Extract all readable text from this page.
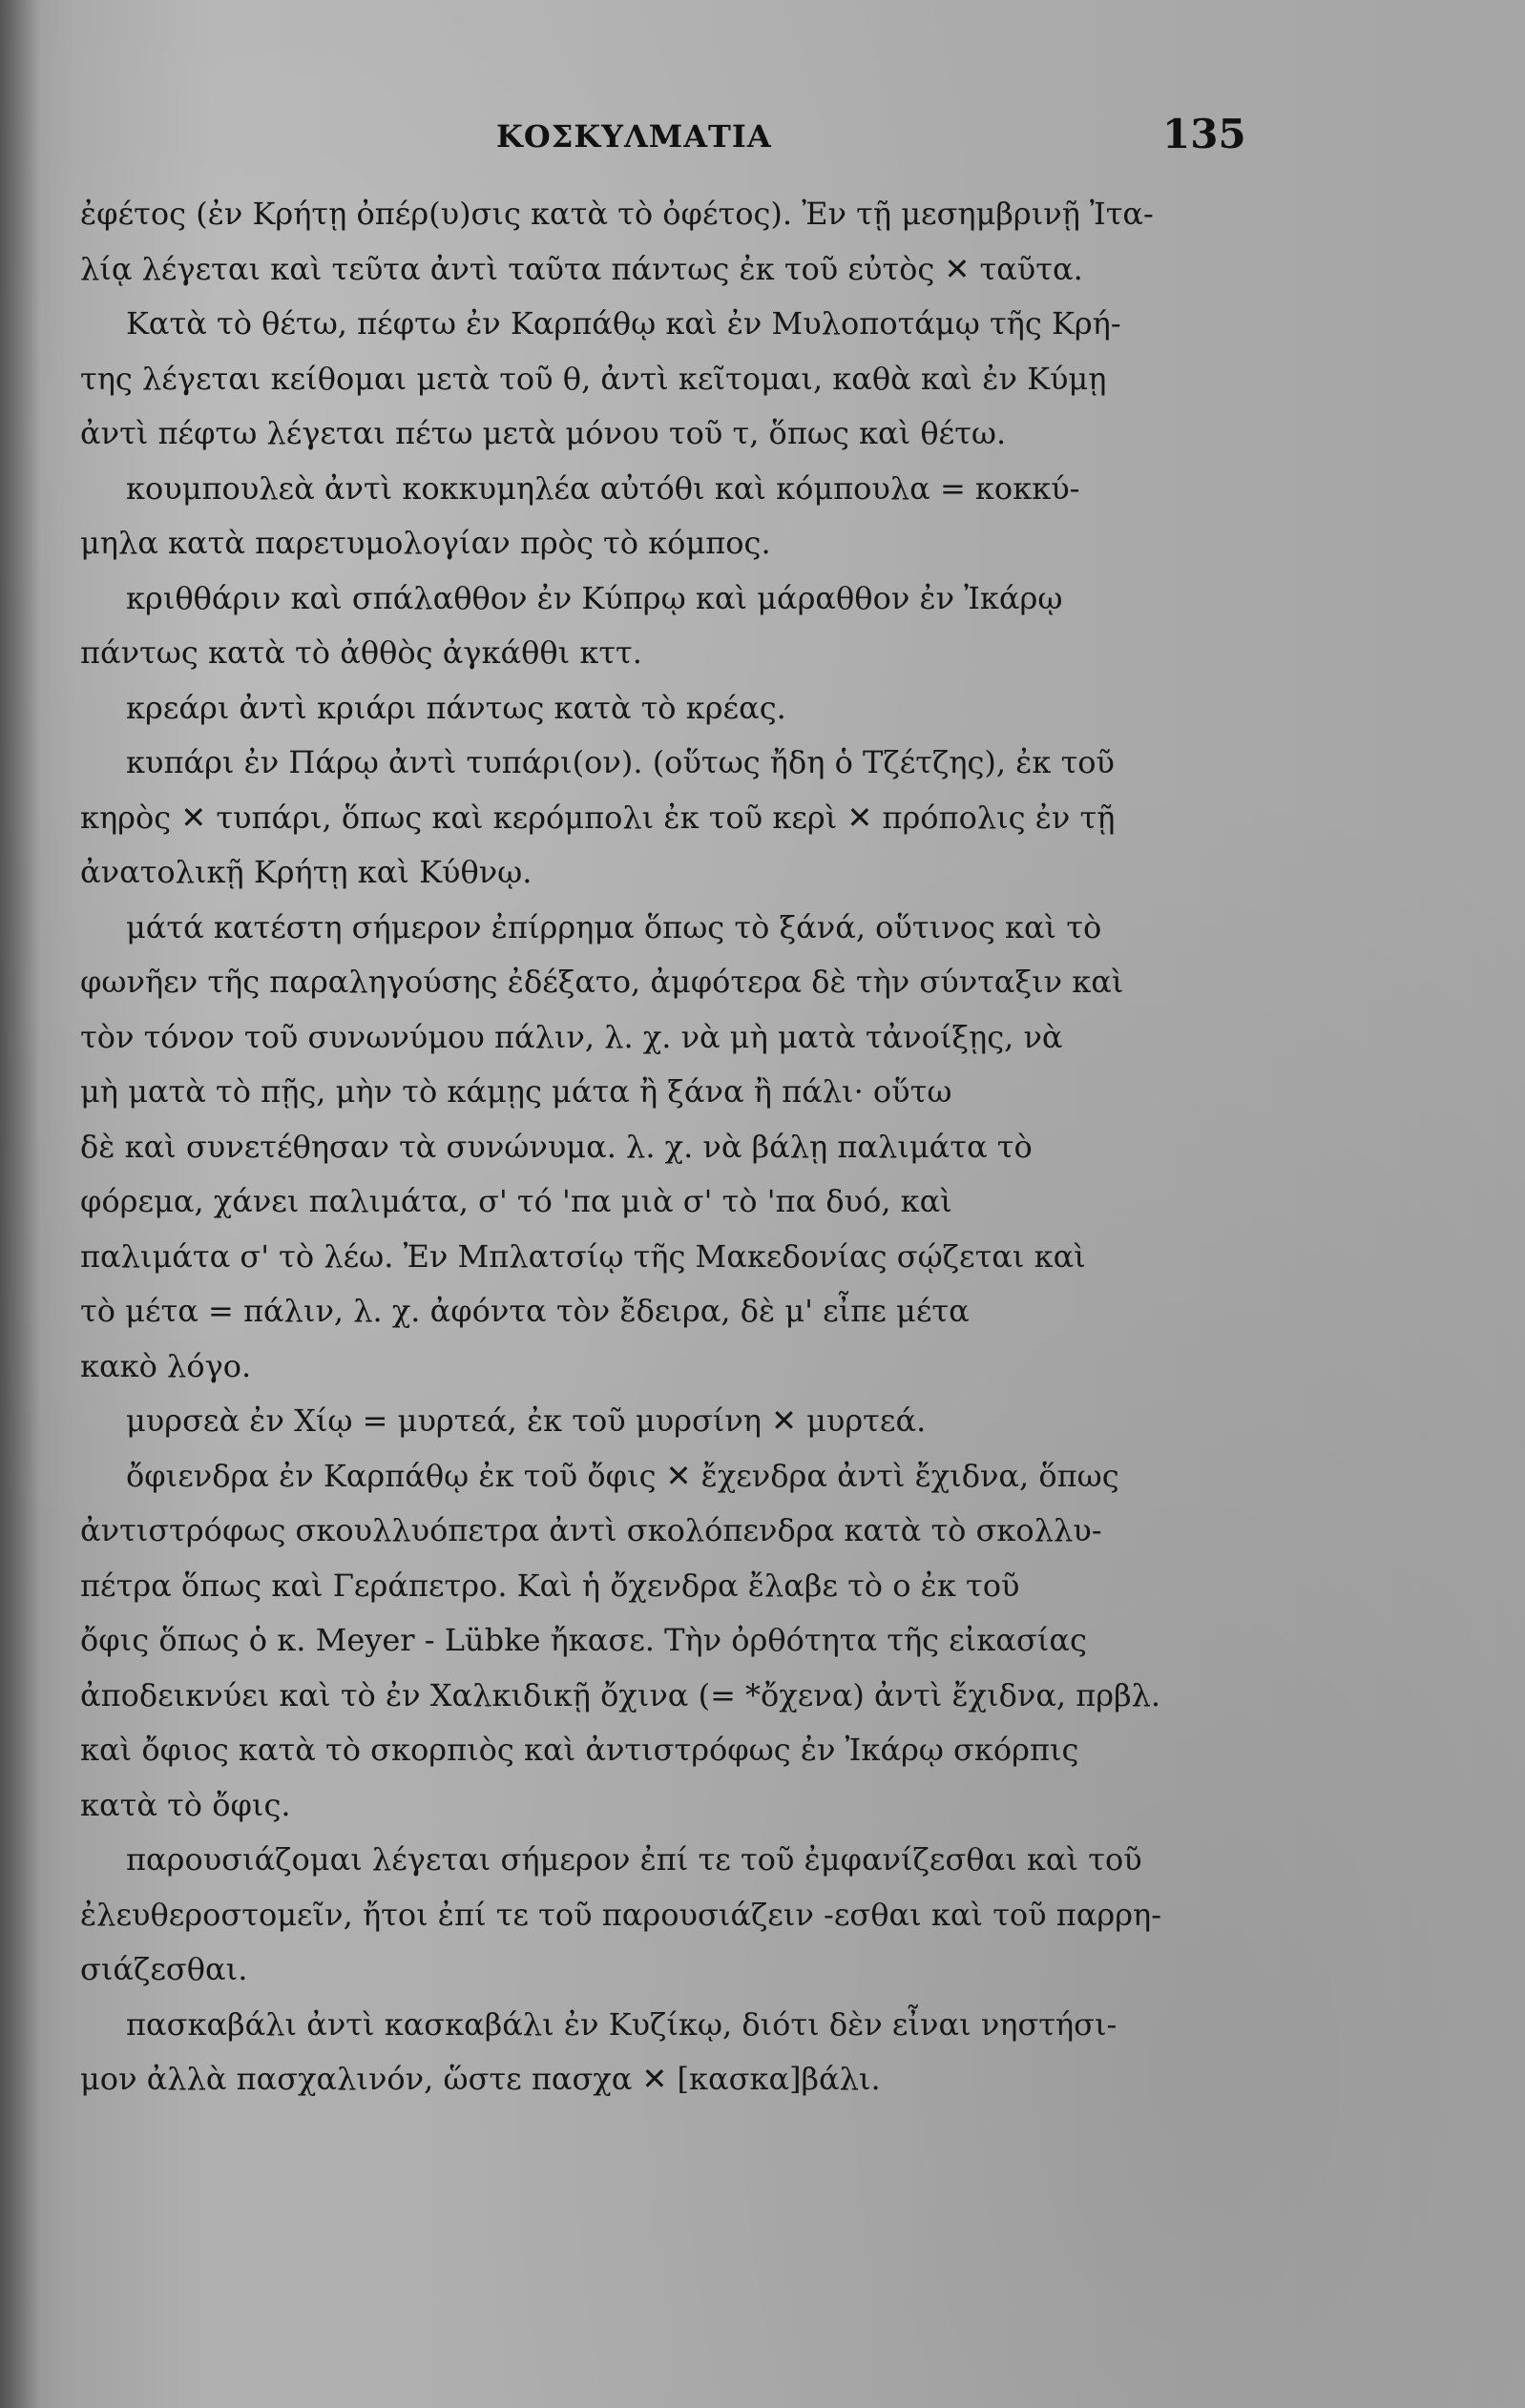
ΚΟΣΚΥΛΜΑΤΙΑ	135
ἐφέτος (ἐν Κρήτῃ ὀπέρ(υ)σις κατὰ τὸ ὀφέτος). Ἐν τῇ μεσημβρινῇ Ἰτα-
λίᾳ λέγεται καὶ τεῦτα ἀντὶ ταῦτα πάντως ἐκ τοῦ εὐτὸς ✕ ταῦτα.
Κατὰ τὸ θέτω, πέφτω ἐν Καρπάθῳ καὶ ἐν Μυλοποτάμῳ τῆς Κρή-
της λέγεται κείθομαι μετὰ τοῦ θ, ἀντὶ κεῖτομαι, καθὰ καὶ ἐν Κύμῃ
ἀντὶ πέφτω λέγεται πέτω μετὰ μόνου τοῦ τ, ὅπως καὶ θέτω.
κουμπουλεὰ ἀντὶ κοκκυμηλέα αὐτόθι καὶ κόμπουλα = κοκκύ-
μηλα κατὰ παρετυμολογίαν πρὸς τὸ κόμπος.
κριθθάριν καὶ σπάλαθθον ἐν Κύπρῳ καὶ μάραθθον ἐν Ἰκάρῳ
πάντως κατὰ τὸ ἀθθὸς ἀγκάθθι κττ.
κρεάρι ἀντὶ κριάρι πάντως κατὰ τὸ κρέας.
κυπάρι ἐν Πάρῳ ἀντὶ τυπάρι(ον). (οὕτως ἤδη ὁ Τζέτζης), ἐκ τοῦ
κηρὸς ✕ τυπάρι, ὅπως καὶ κερόμπολι ἐκ τοῦ κερὶ ✕ πρόπολις ἐν τῇ
ἀνατολικῇ Κρήτῃ καὶ Κύθνῳ.
μάτά κατέστη σήμερον ἐπίρρημα ὅπως τὸ ξάνά, οὕτινος καὶ τὸ
φωνῆεν τῆς παραληγούσης ἐδέξατο, ἀμφότερα δὲ τὴν σύνταξιν καὶ
τὸν τόνον τοῦ συνωνύμου πάλιν, λ. χ. νὰ μὴ ματὰ τἀνοίξῃς, νὰ
μὴ ματὰ τὸ πῇς, μὴν τὸ κάμῃς μάτα ἢ ξάνα ἢ πάλι· οὕτω
δὲ καὶ συνετέθησαν τὰ συνώνυμα. λ. χ. νὰ βάλῃ παλιμάτα τὸ
φόρεμα, χάνει παλιμάτα, σ' τό 'πα μιὰ σ' τὸ 'πα δυό, καὶ
παλιμάτα σ' τὸ λέω. Ἐν Μπλατσίῳ τῆς Μακεδονίας σῴζεται καὶ
τὸ μέτα = πάλιν, λ. χ. ἀφόντα τὸν ἔδειρα, δὲ μ' εἶπε μέτα
κακὸ λόγο.
μυρσεὰ ἐν Χίῳ = μυρτεά, ἐκ τοῦ μυρσίνη ✕ μυρτεά.
ὄφιενδρα ἐν Καρπάθῳ ἐκ τοῦ ὄφις ✕ ἔχενδρα ἀντὶ ἔχιδνα, ὅπως
ἀντιστρόφως σκουλλυόπετρα ἀντὶ σκολόπενδρα κατὰ τὸ σκολλυ-
πέτρα ὅπως καὶ Γεράπετρο. Καὶ ἡ ὄχενδρα ἔλαβε τὸ ο ἐκ τοῦ
ὄφις ὅπως ὁ κ. Meyer - Lübke ἤκασε. Τὴν ὀρθότητα τῆς εἰκασίας
ἀποδεικνύει καὶ τὸ ἐν Χαλκιδικῇ ὄχινα (= *ὄχενα) ἀντὶ ἔχιδνα, πρβλ.
καὶ ὄφιος κατὰ τὸ σκορπιὸς καὶ ἀντιστρόφως ἐν Ἰκάρῳ σκόρπις
κατὰ τὸ ὄφις.
παρουσιάζομαι λέγεται σήμερον ἐπί τε τοῦ ἐμφανίζεσθαι καὶ τοῦ
ἐλευθεροστομεῖν, ἤτοι ἐπί τε τοῦ παρουσιάζειν -εσθαι καὶ τοῦ παρρη-
σιάζεσθαι.
πασκαβάλι ἀντὶ κασκαβάλι ἐν Κυζίκῳ, διότι δὲν εἶναι νηστήσι-
μον ἀλλὰ πασχαλινόν, ὥστε πασχα ✕ [κασκα]βάλι.
